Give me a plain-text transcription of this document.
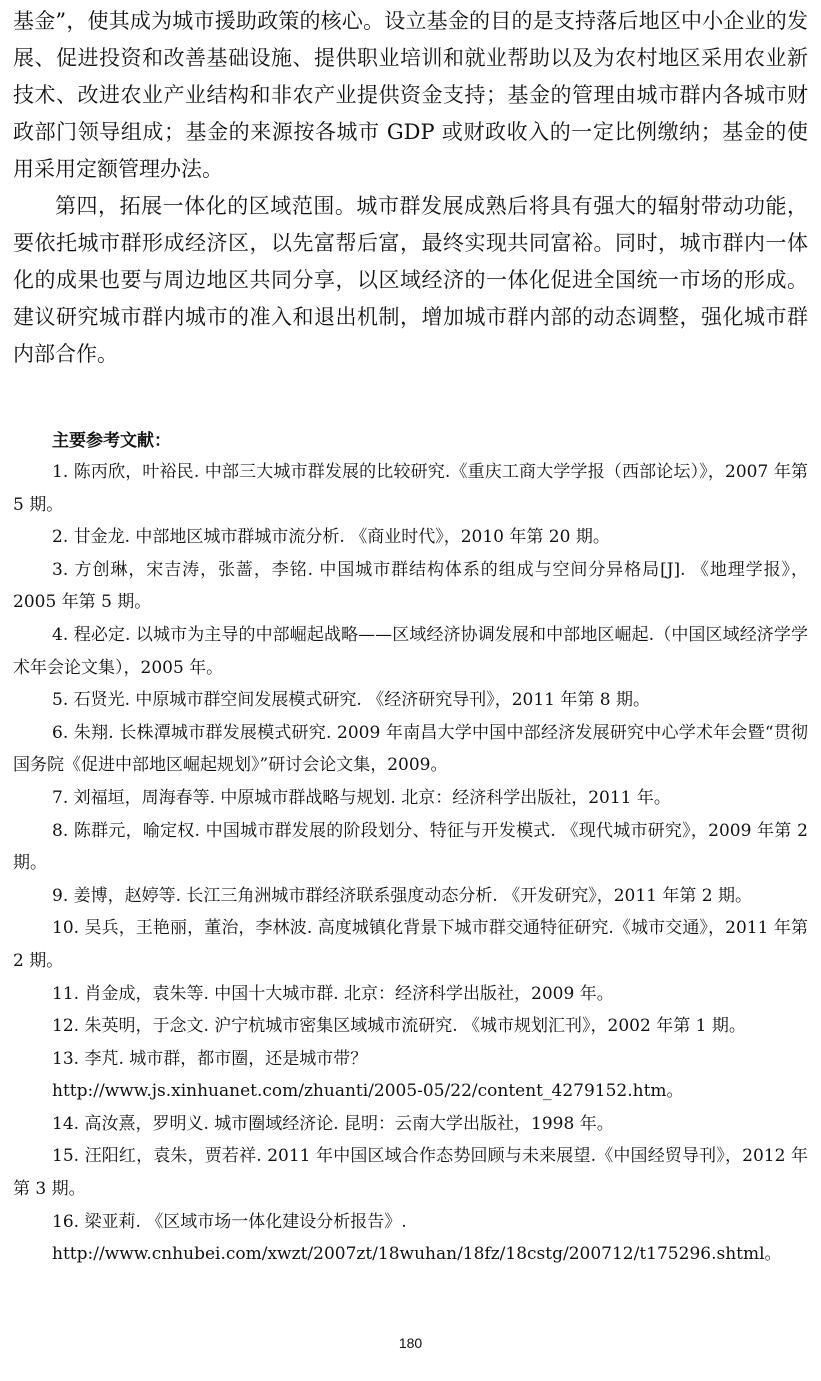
基金”，使其成为城市援助政策的核心。设立基金的目的是支持落后地区中小企业的发展、促进投资和改善基础设施、提供职业培训和就业帮助以及为农村地区采用农业新技术、改进农业产业结构和非农产业提供资金支持；基金的管理由城市群内各城市财政部门领导组成；基金的来源按各城市 GDP 或财政收入的一定比例缴纳；基金的使用采用定额管理办法。

第四，拓展一体化的区域范围。城市群发展成熟后将具有强大的辐射带动功能，要依托城市群形成经济区，以先富帮后富，最终实现共同富裕。同时，城市群内一体化的成果也要与周边地区共同分享，以区域经济的一体化促进全国统一市场的形成。建议研究城市群内城市的准入和退出机制，增加城市群内部的动态调整，强化城市群内部合作。

主要参考文献：

1. 陈丙欣，叶裕民. 中部三大城市群发展的比较研究.《重庆工商大学学报（西部论坛）》，2007 年第 5 期。

2. 甘金龙. 中部地区城市群城市流分析. 《商业时代》，2010 年第 20 期。

3. 方创琳，宋吉涛，张蔷，李铭. 中国城市群结构体系的组成与空间分异格局[J]. 《地理学报》，2005 年第 5 期。

4. 程必定. 以城市为主导的中部崛起战略——区域经济协调发展和中部地区崛起.（中国区域经济学学术年会论文集），2005 年。

5. 石贤光. 中原城市群空间发展模式研究. 《经济研究导刊》，2011 年第 8 期。

6. 朱翔. 长株潭城市群发展模式研究. 2009 年南昌大学中国中部经济发展研究中心学术年会暨“贯彻国务院《促进中部地区崛起规划》”研讨会论文集，2009。

7. 刘福垣，周海春等. 中原城市群战略与规划. 北京：经济科学出版社，2011 年。

8. 陈群元，喻定权. 中国城市群发展的阶段划分、特征与开发模式. 《现代城市研究》，2009 年第 2 期。

9. 姜博，赵婷等. 长江三角洲城市群经济联系强度动态分析. 《开发研究》，2011 年第 2 期。

10. 吴兵，王艳丽，董治，李林波. 高度城镇化背景下城市群交通特征研究.《城市交通》，2011 年第 2 期。

11. 肖金成，袁朱等. 中国十大城市群. 北京：经济科学出版社，2009 年。

12. 朱英明，于念文. 沪宁杭城市密集区域城市流研究. 《城市规划汇刊》，2002 年第 1 期。

13. 李芃. 城市群，都市圈，还是城市带？

http://www.js.xinhuanet.com/zhuanti/2005-05/22/content_4279152.htm。

14. 高汝熹，罗明义. 城市圈域经济论. 昆明：云南大学出版社，1998 年。

15. 汪阳红，袁朱，贾若祥. 2011 年中国区域合作态势回顾与未来展望.《中国经贸导刊》，2012 年第 3 期。

16. 梁亚莉. 《区域市场一体化建设分析报告》.

http://www.cnhubei.com/xwzt/2007zt/18wuhan/18fz/18cstg/200712/t175296.shtml。

180
